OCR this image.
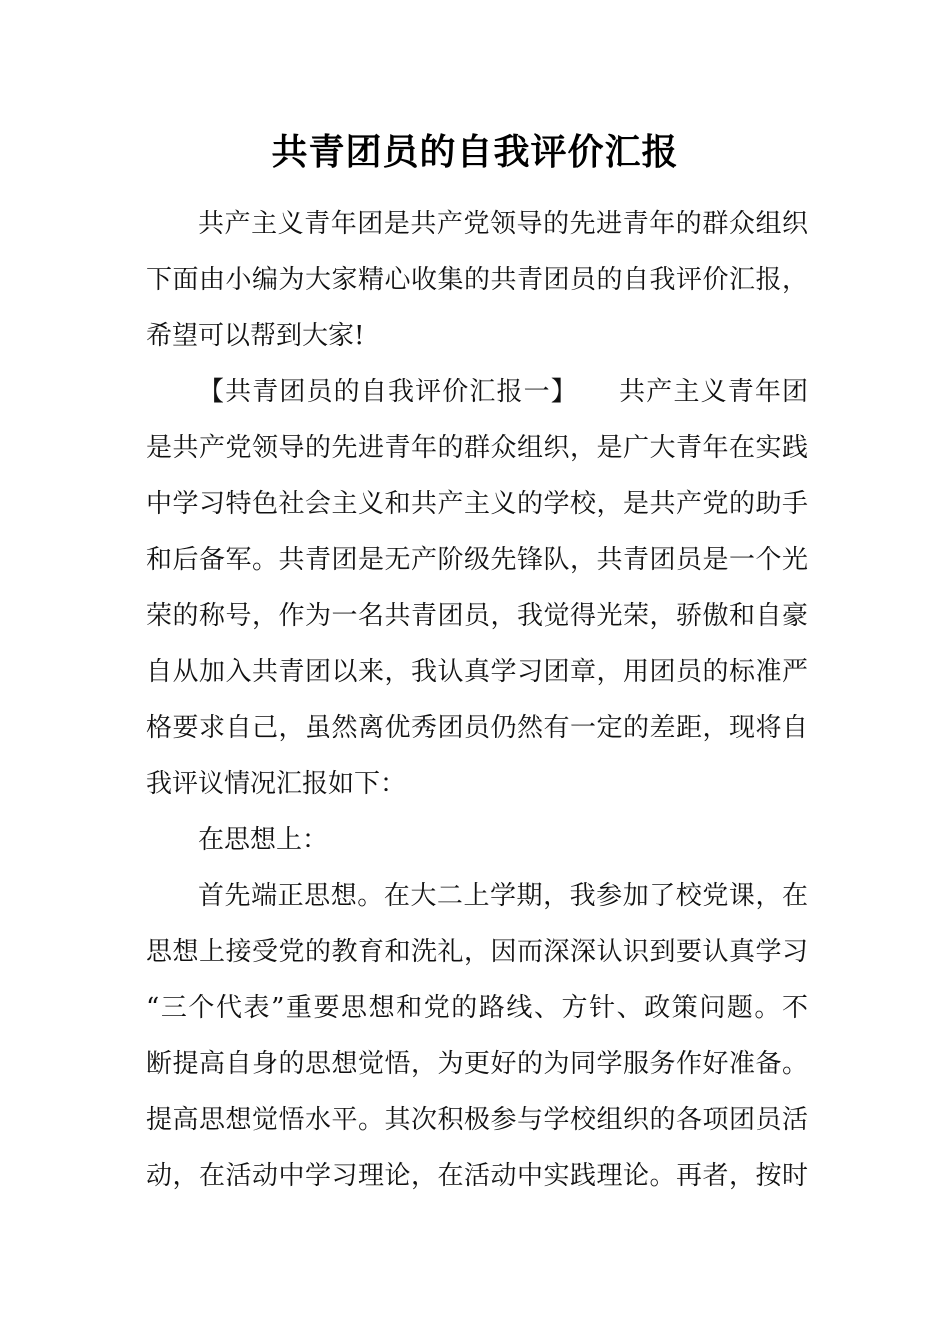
共青团员的自我评价汇报
共产主义青年团是共产党领导的先进青年的群众组织
下面由小编为大家精心收集的共青团员的自我评价汇报，
希望可以帮到大家!
【共青团员的自我评价汇报一】　　共产主义青年团
是共产党领导的先进青年的群众组织，是广大青年在实践
中学习特色社会主义和共产主义的学校，是共产党的助手
和后备军。共青团是无产阶级先锋队，共青团员是一个光
荣的称号，作为一名共青团员，我觉得光荣，骄傲和自豪
自从加入共青团以来，我认真学习团章，用团员的标准严
格要求自己，虽然离优秀团员仍然有一定的差距，现将自
我评议情况汇报如下：
在思想上：
首先端正思想。在大二上学期，我参加了校党课，在
思想上接受党的教育和洗礼，因而深深认识到要认真学习
“三个代表”重要思想和党的路线、方针、政策问题。不
断提高自身的思想觉悟，为更好的为同学服务作好准备。
提高思想觉悟水平。其次积极参与学校组织的各项团员活
动，在活动中学习理论，在活动中实践理论。再者，按时
